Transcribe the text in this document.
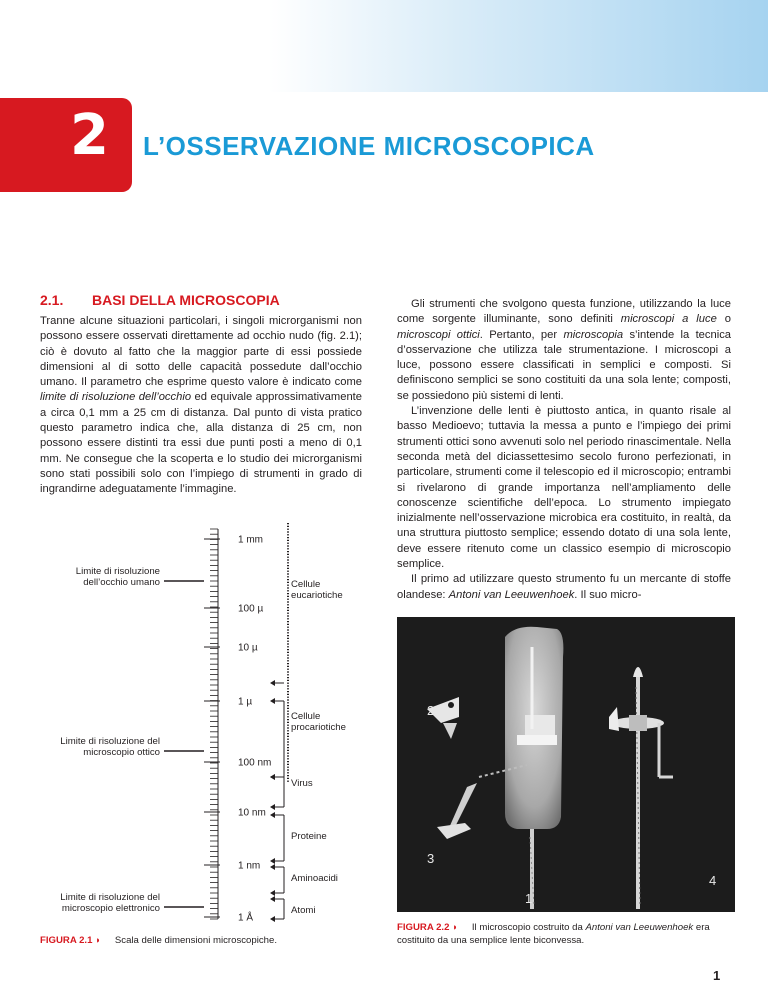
2 L’OSSERVAZIONE MICROSCOPICA
2.1. BASI DELLA MICROSCOPIA

Tranne alcune situazioni particolari, i singoli microrganismi non possono essere osservati direttamente ad occhio nudo (fig. 2.1); ciò è dovuto al fatto che la maggior parte di essi possiede dimensioni al di sotto delle capacità possedute dall’occhio umano. Il parametro che esprime questo valore è indicato come limite di risoluzione dell’occhio ed equivale approssimativamente a circa 0,1 mm a 25 cm di distanza. Dal punto di vista pratico questo parametro indica che, alla distanza di 25 cm, non possono essere distinti tra essi due punti posti a meno di 0,1 mm. Ne consegue che la scoperta e lo studio dei microrganismi sono stati possibili solo con l’impiego di strumenti in grado di ingrandirne adeguatamente l’immagine.

Gli strumenti che svolgono questa funzione, utilizzando la luce come sorgente illuminante, sono definiti microscopi a luce o microscopi ottici. Pertanto, per microscopia s’intende la tecnica d’osservazione che utilizza tale strumentazione. I microscopi a luce, possono essere classificati in semplici e composti. Si definiscono semplici se sono costituiti da una sola lente; composti, se possiedono più sistemi di lenti.

L’invenzione delle lenti è piuttosto antica, in quanto risale al basso Medioevo; tuttavia la messa a punto e l’impiego dei primi strumenti ottici sono avvenuti solo nel periodo rinascimentale. Nella seconda metà del diciassettesimo secolo furono perfezionati, in particolare, strumenti come il telescopio ed il microscopio; entrambi si rivelarono di grande importanza nell’ampliamento delle conoscenze scientifiche dell’epoca. Lo strumento impiegato inizialmente nell’osservazione microbica era costituito, in realtà, da una struttura piuttosto semplice; essendo dotato di una sola lente, deve essere ritenuto come un classico esempio di microscopio semplice.

Il primo ad utilizzare questo strumento fu un mercante di stoffe olandese: Antoni van Leeuwenhoek. Il suo micro-

1 mm
100 µ
10 µ
1 µ
100 nm
10 nm
1 nm
1 Å
Limite di risoluzione
dell’occhio umano
Limite di risoluzione del
microscopio ottico
Limite di risoluzione del
microscopio elettronico
Cellule
eucariotiche
Cellule
procariotiche
Virus
Proteine
Aminoacidi
Atomi
FIGURA 2.1 ◗ Scala delle dimensioni microscopiche.
2
3
1
4
FIGURA 2.2 ◗ Il microscopio costruito da Antoni van Leeuwenhoek era costituito da una semplice lente biconvessa.
1
